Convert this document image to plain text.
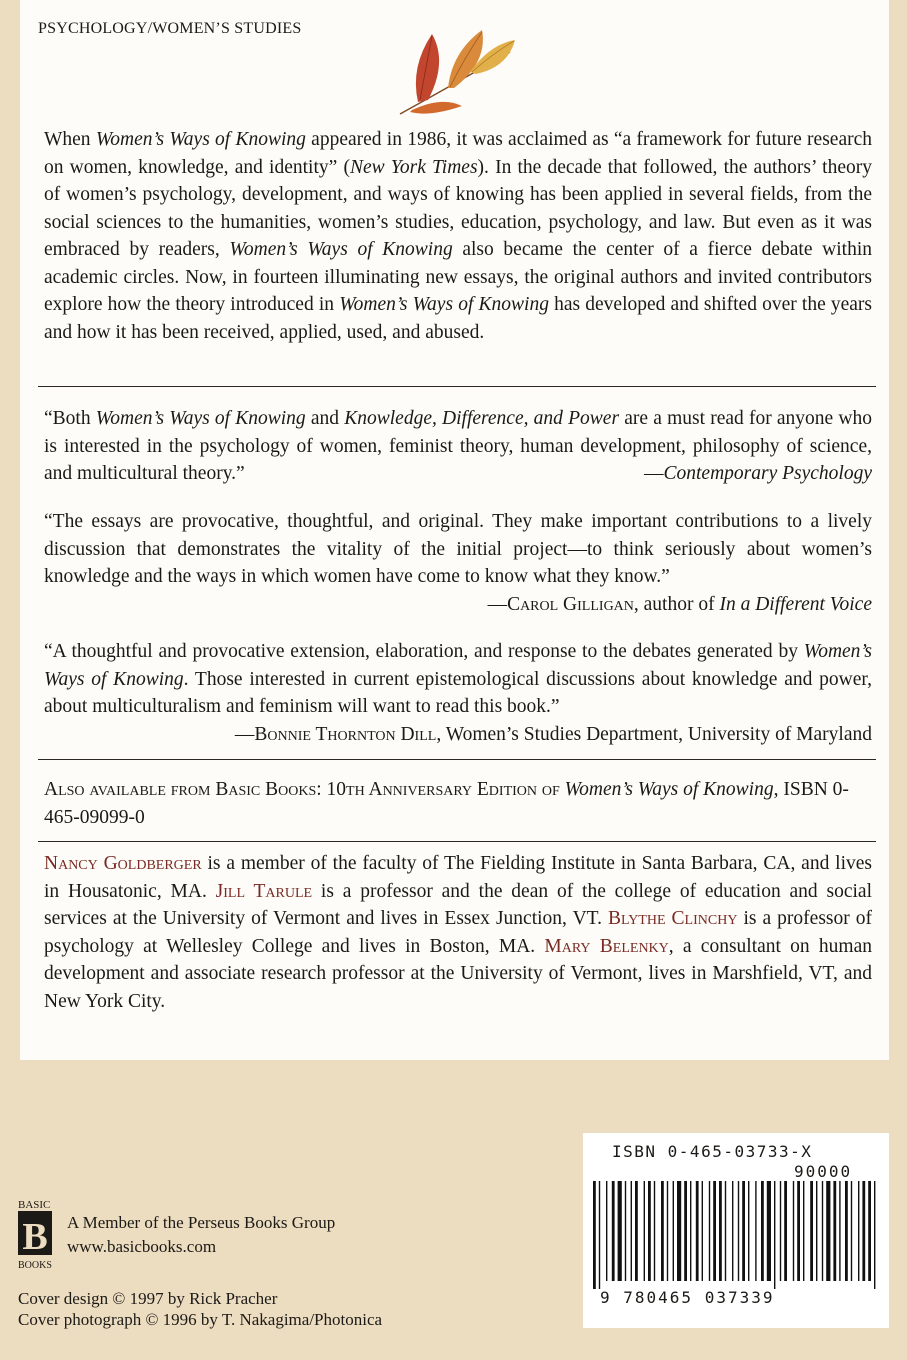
PSYCHOLOGY/WOMEN’S STUDIES
When Women’s Ways of Knowing appeared in 1986, it was acclaimed as “a framework for future research on women, knowledge, and identity” (New York Times). In the decade that followed, the authors’ theory of women’s psychology, development, and ways of knowing has been applied in several fields, from the social sciences to the humanities, women’s studies, education, psychology, and law. But even as it was embraced by readers, Women’s Ways of Knowing also became the center of a fierce debate within academic circles. Now, in fourteen illuminating new essays, the original authors and invited contributors explore how the theory introduced in Women’s Ways of Knowing has developed and shifted over the years and how it has been received, applied, used, and abused.
“Both Women’s Ways of Knowing and Knowledge, Difference, and Power are a must read for anyone who is interested in the psychology of women, feminist theory, human development, philosophy of science, and multicultural theory.”	—Contemporary Psychology
“The essays are provocative, thoughtful, and original. They make important contributions to a lively discussion that demonstrates the vitality of the initial project—to think seriously about women’s knowledge and the ways in which women have come to know what they know.”
—Carol Gilligan, author of In a Different Voice
“A thoughtful and provocative extension, elaboration, and response to the debates generated by Women’s Ways of Knowing. Those interested in current epistemological discussions about knowledge and power, about multiculturalism and feminism will want to read this book.”
—Bonnie Thornton Dill, Women’s Studies Department, University of Maryland
Also available from Basic Books: 10th Anniversary Edition of Women’s Ways of Knowing, ISBN 0-465-09099-0
Nancy Goldberger is a member of the faculty of The Fielding Institute in Santa Barbara, CA, and lives in Housatonic, MA. Jill Tarule is a professor and the dean of the college of education and social services at the University of Vermont and lives in Essex Junction, VT. Blythe Clinchy is a professor of psychology at Wellesley College and lives in Boston, MA. Mary Belenky, a consultant on human development and associate research professor at the University of Vermont, lives in Marshfield, VT, and New York City.
ISBN 0-465-03733-X
90000
9 780465 037339
BASIC
B
BOOKS
A Member of the Perseus Books Group
www.basicbooks.com
Cover design © 1997 by Rick Pracher
Cover photograph © 1996 by T. Nakagima/Photonica
